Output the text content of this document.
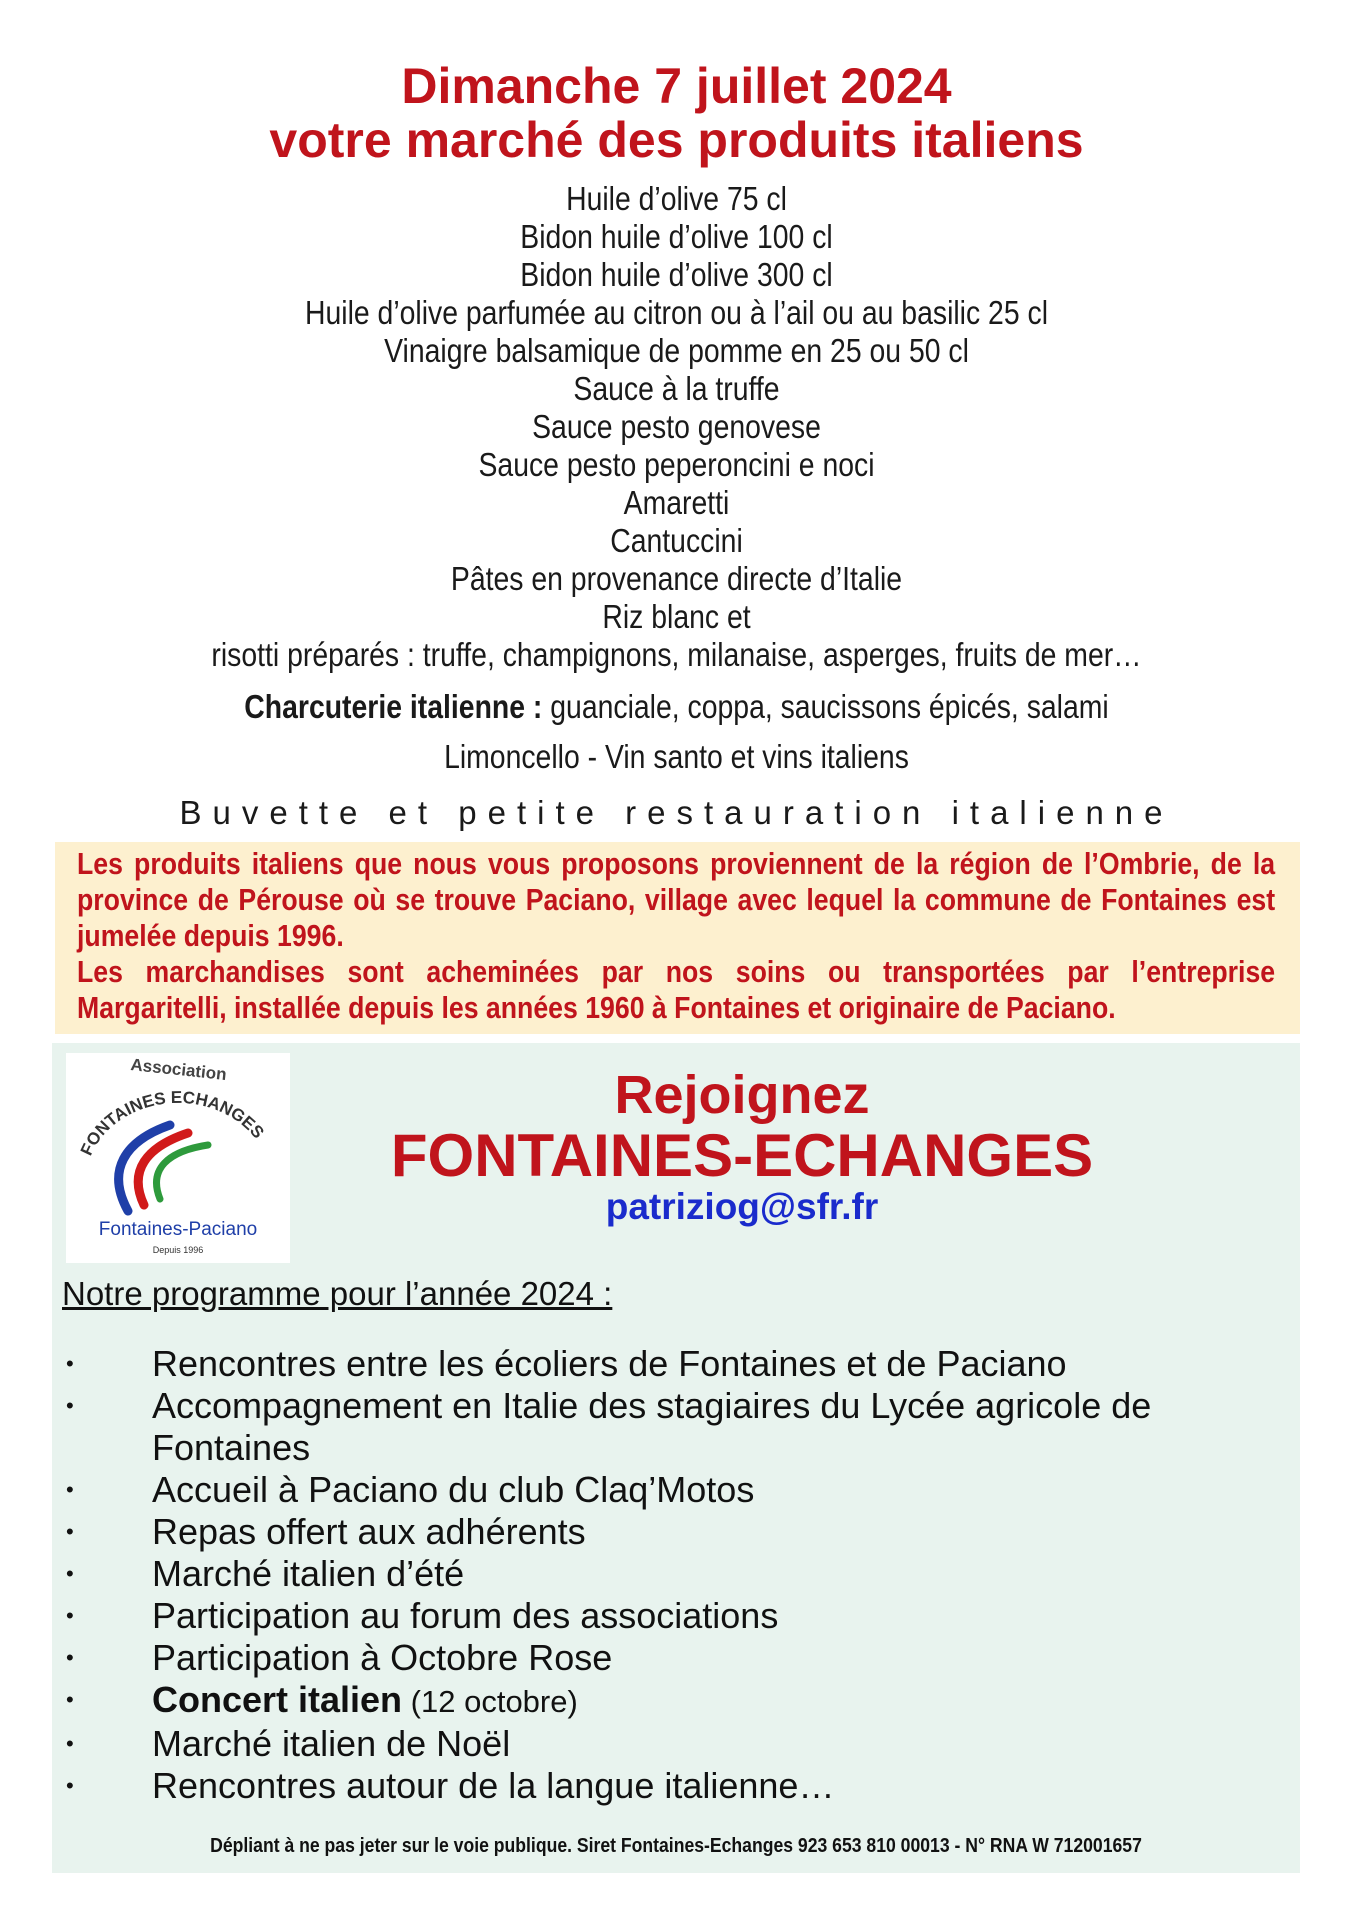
Dimanche 7 juillet 2024
votre marché des produits italiens
Huile d’olive 75 cl
Bidon huile d’olive 100 cl
Bidon huile d’olive 300 cl
Huile d’olive parfumée au citron ou à l’ail ou au basilic 25 cl
Vinaigre balsamique de pomme en 25 ou 50 cl
Sauce à la truffe
Sauce pesto genovese
Sauce pesto peperoncini e noci
Amaretti
Cantuccini
Pâtes en provenance directe d’Italie
Riz blanc et
risotti préparés : truffe, champignons, milanaise, asperges, fruits de mer…
Charcuterie italienne : guanciale, coppa, saucissons épicés, salami
Limoncello - Vin santo et vins italiens
Buvette et petite restauration italienne
Les produits italiens que nous vous proposons proviennent de la région de l’Ombrie, de la province de Pérouse où se trouve Paciano, village avec lequel la commune de Fontaines est jumelée depuis 1996.
Les marchandises sont acheminées par nos soins ou transportées par l’entreprise Margaritelli, installée depuis les années 1960 à Fontaines et originaire de Paciano.
Association
FONTAINES ECHANGES
Fontaines-Paciano
Depuis 1996
Rejoignez
FONTAINES-ECHANGES
patriziog@sfr.fr
Notre programme pour l’année 2024 :
• Rencontres entre les écoliers de Fontaines et de Paciano
• Accompagnement en Italie des stagiaires du Lycée agricole de Fontaines
• Accueil à Paciano du club Claq’Motos
• Repas offert aux adhérents
• Marché italien d’été
• Participation au forum des associations
• Participation à Octobre Rose
• Concert italien (12 octobre)
• Marché italien de Noël
• Rencontres autour de la langue italienne…
Dépliant à ne pas jeter sur le voie publique. Siret Fontaines-Echanges 923 653 810 00013 - N° RNA W 712001657
